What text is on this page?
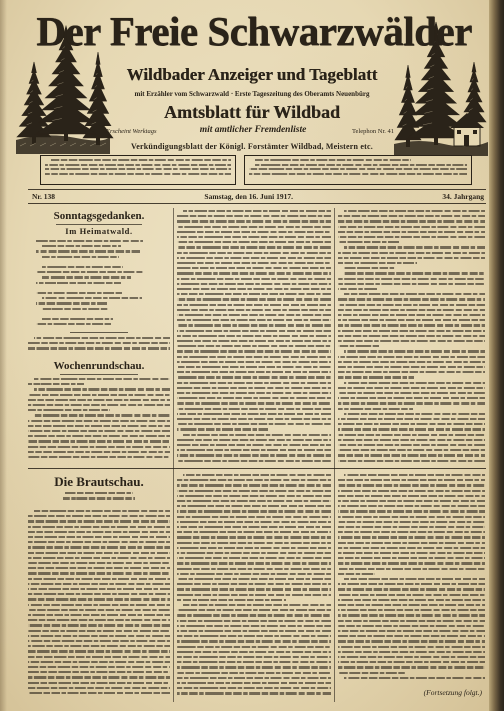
Der Freie Schwarzwälder
Wildbader Anzeiger und Tageblatt
mit Erzähler vom Schwarzwald · Erste Tageszeitung des Oberamts Neuenbürg
Amtsblatt für Wildbad
mit amtlicher Fremdenliste
Erscheint Werktags	Telephon Nr. 41
Verkündigungsblatt der Königl. Forstämter Wildbad, Meistern etc.
Nr. 138	Samstag, den 16. Juni 1917.	34. Jahrgang
Sonntagsgedanken.
Im Heimatwald.
Wochenrundschau.
Die Brautschau.
(Fortsetzung folgt.)
